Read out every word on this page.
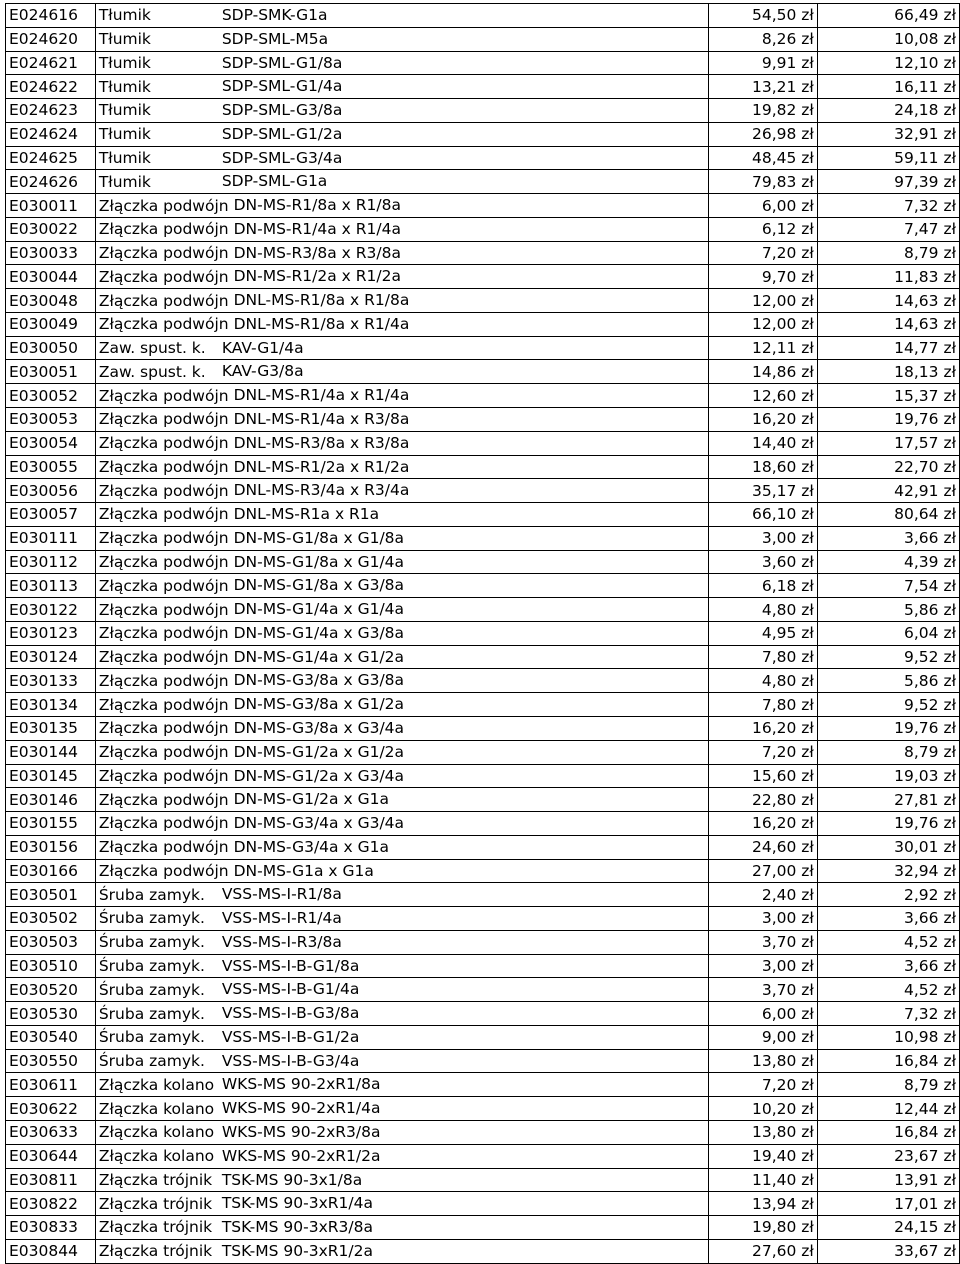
E024616	Tłumik SDP-SMK-G1a	54,50 zł	66,49 zł
E024620	Tłumik SDP-SML-M5a	8,26 zł	10,08 zł
E024621	Tłumik SDP-SML-G1/8a	9,91 zł	12,10 zł
E024622	Tłumik SDP-SML-G1/4a	13,21 zł	16,11 zł
E024623	Tłumik SDP-SML-G3/8a	19,82 zł	24,18 zł
E024624	Tłumik SDP-SML-G1/2a	26,98 zł	32,91 zł
E024625	Tłumik SDP-SML-G3/4a	48,45 zł	59,11 zł
E024626	Tłumik SDP-SML-G1a	79,83 zł	97,39 zł
E030011	Złączka podwójn DN-MS-R1/8a x R1/8a	6,00 zł	7,32 zł
E030022	Złączka podwójn DN-MS-R1/4a x R1/4a	6,12 zł	7,47 zł
E030033	Złączka podwójn DN-MS-R3/8a x R3/8a	7,20 zł	8,79 zł
E030044	Złączka podwójn DN-MS-R1/2a x R1/2a	9,70 zł	11,83 zł
E030048	Złączka podwójn DNL-MS-R1/8a x R1/8a	12,00 zł	14,63 zł
E030049	Złączka podwójn DNL-MS-R1/8a x R1/4a	12,00 zł	14,63 zł
E030050	Zaw. spust. k. KAV-G1/4a	12,11 zł	14,77 zł
E030051	Zaw. spust. k. KAV-G3/8a	14,86 zł	18,13 zł
E030052	Złączka podwójn DNL-MS-R1/4a x R1/4a	12,60 zł	15,37 zł
E030053	Złączka podwójn DNL-MS-R1/4a x R3/8a	16,20 zł	19,76 zł
E030054	Złączka podwójn DNL-MS-R3/8a x R3/8a	14,40 zł	17,57 zł
E030055	Złączka podwójn DNL-MS-R1/2a x R1/2a	18,60 zł	22,70 zł
E030056	Złączka podwójn DNL-MS-R3/4a x R3/4a	35,17 zł	42,91 zł
E030057	Złączka podwójn DNL-MS-R1a x R1a	66,10 zł	80,64 zł
E030111	Złączka podwójn DN-MS-G1/8a x G1/8a	3,00 zł	3,66 zł
E030112	Złączka podwójn DN-MS-G1/8a x G1/4a	3,60 zł	4,39 zł
E030113	Złączka podwójn DN-MS-G1/8a x G3/8a	6,18 zł	7,54 zł
E030122	Złączka podwójn DN-MS-G1/4a x G1/4a	4,80 zł	5,86 zł
E030123	Złączka podwójn DN-MS-G1/4a x G3/8a	4,95 zł	6,04 zł
E030124	Złączka podwójn DN-MS-G1/4a x G1/2a	7,80 zł	9,52 zł
E030133	Złączka podwójn DN-MS-G3/8a x G3/8a	4,80 zł	5,86 zł
E030134	Złączka podwójn DN-MS-G3/8a x G1/2a	7,80 zł	9,52 zł
E030135	Złączka podwójn DN-MS-G3/8a x G3/4a	16,20 zł	19,76 zł
E030144	Złączka podwójn DN-MS-G1/2a x G1/2a	7,20 zł	8,79 zł
E030145	Złączka podwójn DN-MS-G1/2a x G3/4a	15,60 zł	19,03 zł
E030146	Złączka podwójn DN-MS-G1/2a x G1a	22,80 zł	27,81 zł
E030155	Złączka podwójn DN-MS-G3/4a x G3/4a	16,20 zł	19,76 zł
E030156	Złączka podwójn DN-MS-G3/4a x G1a	24,60 zł	30,01 zł
E030166	Złączka podwójn DN-MS-G1a x G1a	27,00 zł	32,94 zł
E030501	Śruba zamyk. VSS-MS-I-R1/8a	2,40 zł	2,92 zł
E030502	Śruba zamyk. VSS-MS-I-R1/4a	3,00 zł	3,66 zł
E030503	Śruba zamyk. VSS-MS-I-R3/8a	3,70 zł	4,52 zł
E030510	Śruba zamyk. VSS-MS-I-B-G1/8a	3,00 zł	3,66 zł
E030520	Śruba zamyk. VSS-MS-I-B-G1/4a	3,70 zł	4,52 zł
E030530	Śruba zamyk. VSS-MS-I-B-G3/8a	6,00 zł	7,32 zł
E030540	Śruba zamyk. VSS-MS-I-B-G1/2a	9,00 zł	10,98 zł
E030550	Śruba zamyk. VSS-MS-I-B-G3/4a	13,80 zł	16,84 zł
E030611	Złączka kolano WKS-MS 90-2xR1/8a	7,20 zł	8,79 zł
E030622	Złączka kolano WKS-MS 90-2xR1/4a	10,20 zł	12,44 zł
E030633	Złączka kolano WKS-MS 90-2xR3/8a	13,80 zł	16,84 zł
E030644	Złączka kolano WKS-MS 90-2xR1/2a	19,40 zł	23,67 zł
E030811	Złączka trójnik TSK-MS 90-3x1/8a	11,40 zł	13,91 zł
E030822	Złączka trójnik TSK-MS 90-3xR1/4a	13,94 zł	17,01 zł
E030833	Złączka trójnik TSK-MS 90-3xR3/8a	19,80 zł	24,15 zł
E030844	Złączka trójnik TSK-MS 90-3xR1/2a	27,60 zł	33,67 zł
